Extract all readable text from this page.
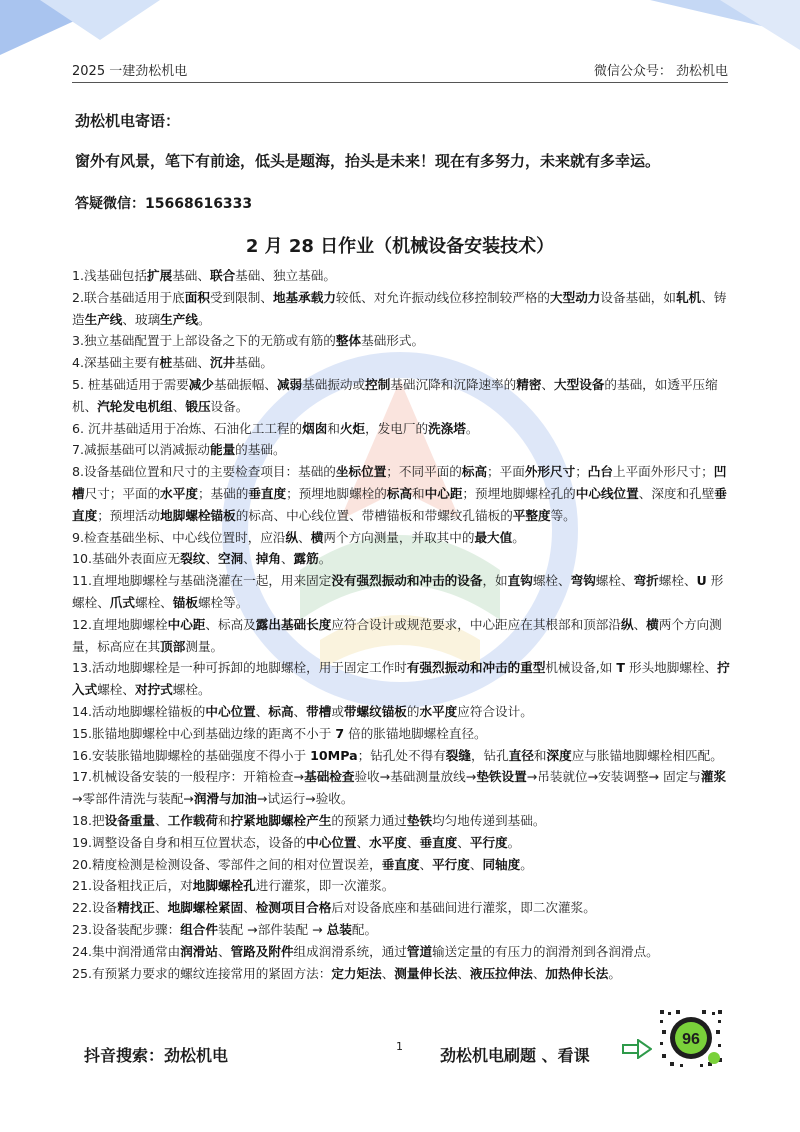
2025 一建劲松机电	微信公众号： 劲松机电
劲松机电寄语：
窗外有风景，笔下有前途，低头是题海，抬头是未来！现在有多努力，未来就有多幸运。
答疑微信：15668616333
2 月 28 日作业（机械设备安装技术）
1.浅基础包括扩展基础、联合基础、独立基础。
2.联合基础适用于底面积受到限制、地基承载力较低、对允许振动线位移控制较严格的大型动力设备基础，如轧机、铸造生产线、玻璃生产线。
3.独立基础配置于上部设备之下的无筋或有筋的整体基础形式。
4.深基础主要有桩基础、沉井基础。
5. 桩基础适用于需要减少基础振幅、减弱基础振动或控制基础沉降和沉降速率的精密、大型设备的基础，如透平压缩机、汽轮发电机组、锻压设备。
6. 沉井基础适用于冶炼、石油化工工程的烟囱和火炬，发电厂的洗涤塔。
7.减振基础可以消减振动能量的基础。
8.设备基础位置和尺寸的主要检查项目：基础的坐标位置；不同平面的标高；平面外形尺寸；凸台上平面外形尺寸；凹槽尺寸；平面的水平度；基础的垂直度；预埋地脚螺栓的标高和中心距；预埋地脚螺栓孔的中心线位置、深度和孔壁垂直度；预埋活动地脚螺栓锚板的标高、中心线位置、带槽锚板和带螺纹孔锚板的平整度等。
9.检查基础坐标、中心线位置时，应沿纵、横两个方向测量，并取其中的最大值。
10.基础外表面应无裂纹、空洞、掉角、露筋。
11.直埋地脚螺栓与基础浇灌在一起，用来固定没有强烈振动和冲击的设备，如直钩螺栓、弯钩螺栓、弯折螺栓、U 形螺栓、爪式螺栓、锚板螺栓等。
12.直埋地脚螺栓中心距、标高及露出基础长度应符合设计或规范要求，中心距应在其根部和顶部沿纵、横两个方向测量，标高应在其顶部测量。
13.活动地脚螺栓是一种可拆卸的地脚螺栓，用于固定工作时有强烈振动和冲击的重型机械设备,如 T 形头地脚螺栓、拧入式螺栓、对拧式螺栓。
14.活动地脚螺栓锚板的中心位置、标高、带槽或带螺纹锚板的水平度应符合设计。
15.胀锚地脚螺栓中心到基础边缘的距离不小于 7 倍的胀锚地脚螺栓直径。
16.安装胀锚地脚螺栓的基础强度不得小于 10MPa；钻孔处不得有裂缝，钻孔直径和深度应与胀锚地脚螺栓相匹配。
17.机械设备安装的一般程序：开箱检查→基础检查验收→基础测量放线→垫铁设置→吊装就位→安装调整→ 固定与灌浆→零部件清洗与装配→润滑与加油→试运行→验收。
18.把设备重量、工作载荷和拧紧地脚螺栓产生的预紧力通过垫铁均匀地传递到基础。
19.调整设备自身和相互位置状态，设备的中心位置、水平度、垂直度、平行度。
20.精度检测是检测设备、零部件之间的相对位置误差，垂直度、平行度、同轴度。
21.设备粗找正后，对地脚螺栓孔进行灌浆，即一次灌浆。
22.设备精找正、地脚螺栓紧固、检测项目合格后对设备底座和基础间进行灌浆，即二次灌浆。
23.设备装配步骤：组合件装配 →部件装配 → 总装配。
24.集中润滑通常由润滑站、管路及附件组成润滑系统，通过管道输送定量的有压力的润滑剂到各润滑点。
25.有预紧力要求的螺纹连接常用的紧固方法：定力矩法、测量伸长法、液压拉伸法、加热伸长法。
抖音搜索：劲松机电	1 劲松机电刷题 、看课
96
